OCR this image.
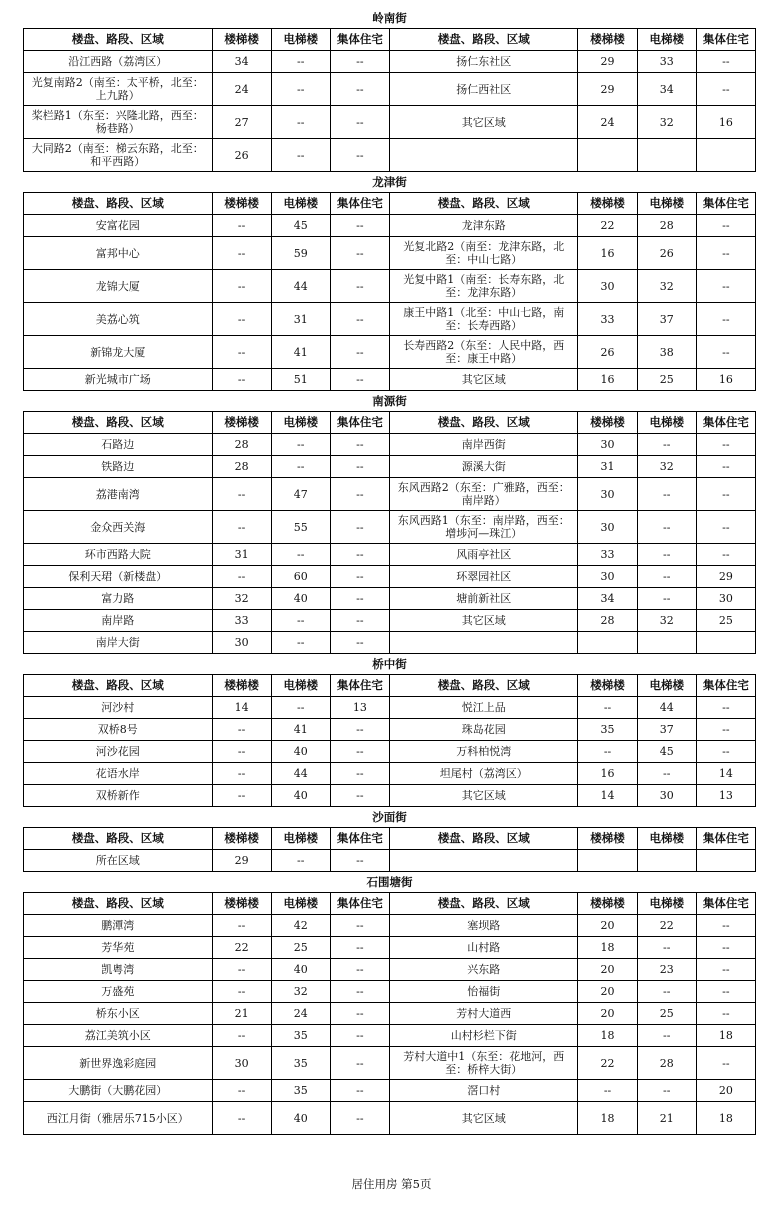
岭南街
楼盘、路段、区域	楼梯楼	电梯楼	集体住宅	楼盘、路段、区域	楼梯楼	电梯楼	集体住宅
沿江西路（荔湾区）	34	--	--	扬仁东社区	29	33	--
光复南路2（南至：太平桥，北至：上九路）	24	--	--	扬仁西社区	29	34	--
桨栏路1（东至：兴隆北路，西至：杨巷路）	27	--	--	其它区域	24	32	16
大同路2（南至：梯云东路，北至：和平西路）	26	--	--				
龙津街
楼盘、路段、区域	楼梯楼	电梯楼	集体住宅	楼盘、路段、区域	楼梯楼	电梯楼	集体住宅
安富花园	--	45	--	龙津东路	22	28	--
富邦中心	--	59	--	光复北路2（南至：龙津东路，北至：中山七路）	16	26	--
龙锦大厦	--	44	--	光复中路1（南至：长寿东路，北至：龙津东路）	30	32	--
美荔心筑	--	31	--	康王中路1（北至：中山七路，南至：长寿西路）	33	37	--
新锦龙大厦	--	41	--	长寿西路2（东至：人民中路，西至：康王中路）	26	38	--
新光城市广场	--	51	--	其它区域	16	25	16
南源街
楼盘、路段、区域	楼梯楼	电梯楼	集体住宅	楼盘、路段、区域	楼梯楼	电梯楼	集体住宅
石路边	28	--	--	南岸西街	30	--	--
铁路边	28	--	--	源溪大街	31	32	--
荔港南湾	--	47	--	东风西路2（东至：广雅路，西至：南岸路）	30	--	--
金众西关海	--	55	--	东风西路1（东至：南岸路，西至：增埗河—珠江）	30	--	--
环市西路大院	31	--	--	风雨亭社区	33	--	--
保利天珺（新楼盘）	--	60	--	环翠园社区	30	--	29
富力路	32	40	--	塘前新社区	34	--	30
南岸路	33	--	--	其它区域	28	32	25
南岸大街	30	--	--				
桥中街
楼盘、路段、区域	楼梯楼	电梯楼	集体住宅	楼盘、路段、区域	楼梯楼	电梯楼	集体住宅
河沙村	14	--	13	悦江上品	--	44	--
双桥8号	--	41	--	珠岛花园	35	37	--
河沙花园	--	40	--	万科柏悦湾	--	45	--
花语水岸	--	44	--	坦尾村（荔湾区）	16	--	14
双桥新作	--	40	--	其它区域	14	30	13
沙面街
楼盘、路段、区域	楼梯楼	电梯楼	集体住宅	楼盘、路段、区域	楼梯楼	电梯楼	集体住宅
所在区域	29	--	--				
石围塘街
楼盘、路段、区域	楼梯楼	电梯楼	集体住宅	楼盘、路段、区域	楼梯楼	电梯楼	集体住宅
鹏潭湾	--	42	--	塞坝路	20	22	--
芳华苑	22	25	--	山村路	18	--	--
凯粤湾	--	40	--	兴东路	20	23	--
万盛苑	--	32	--	怡福街	20	--	--
桥东小区	21	24	--	芳村大道西	20	25	--
荔江美筑小区	--	35	--	山村杉栏下街	18	--	18
新世界逸彩庭园	30	35	--	芳村大道中1（东至：花地河，西至：桥梓大街）	22	28	--
大鹏街（大鹏花园）	--	35	--	滘口村	--	--	20
西江月街（雅居乐715小区）	--	40	--	其它区域	18	21	18
居住用房 第5页
